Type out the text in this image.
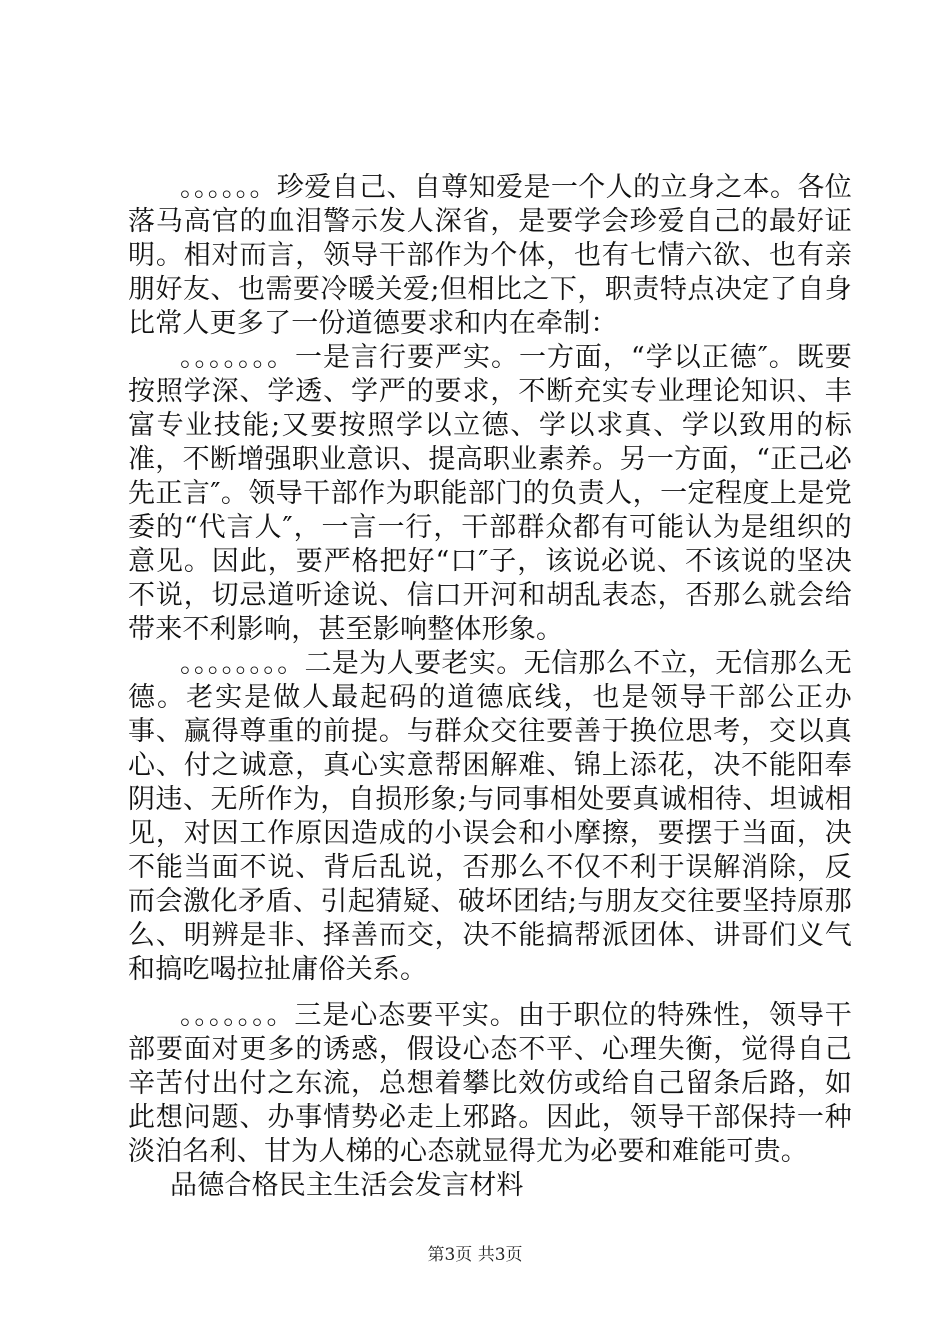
。。。。。。珍爱自己、自尊知爱是一个人的立身之本。各位落马高官的血泪警示发人深省，是要学会珍爱自己的最好证明。相对而言，领导干部作为个体，也有七情六欲、也有亲朋好友、也需要冷暖关爱;但相比之下，职责特点决定了自身比常人更多了一份道德要求和内在牵制：

。。。。。。。一是言行要严实。一方面，“学以正德″。既要按照学深、学透、学严的要求，不断充实专业理论知识、丰富专业技能;又要按照学以立德、学以求真、学以致用的标准，不断增强职业意识、提高职业素养。另一方面，“正己必先正言″。领导干部作为职能部门的负责人，一定程度上是党委的“代言人″，一言一行，干部群众都有可能认为是组织的意见。因此，要严格把好“口″子，该说必说、不该说的坚决不说，切忌道听途说、信口开河和胡乱表态，否那么就会给带来不利影响，甚至影响整体形象。

。。。。。。。。二是为人要老实。无信那么不立，无信那么无德。老实是做人最起码的道德底线，也是领导干部公正办事、赢得尊重的前提。与群众交往要善于换位思考，交以真心、付之诚意，真心实意帮困解难、锦上添花，决不能阳奉阴违、无所作为，自损形象;与同事相处要真诚相待、坦诚相见，对因工作原因造成的小误会和小摩擦，要摆于当面，决不能当面不说、背后乱说，否那么不仅不利于误解消除，反而会激化矛盾、引起猜疑、破坏团结;与朋友交往要坚持原那么、明辨是非、择善而交，决不能搞帮派团体、讲哥们义气和搞吃喝拉扯庸俗关系。

。。。。。。。三是心态要平实。由于职位的特殊性，领导干部要面对更多的诱惑，假设心态不平、心理失衡，觉得自己辛苦付出付之东流，总想着攀比效仿或给自己留条后路，如此想问题、办事情势必走上邪路。因此，领导干部保持一种淡泊名利、甘为人梯的心态就显得尤为必要和难能可贵。

品德合格民主生活会发言材料

第3页 共3页
